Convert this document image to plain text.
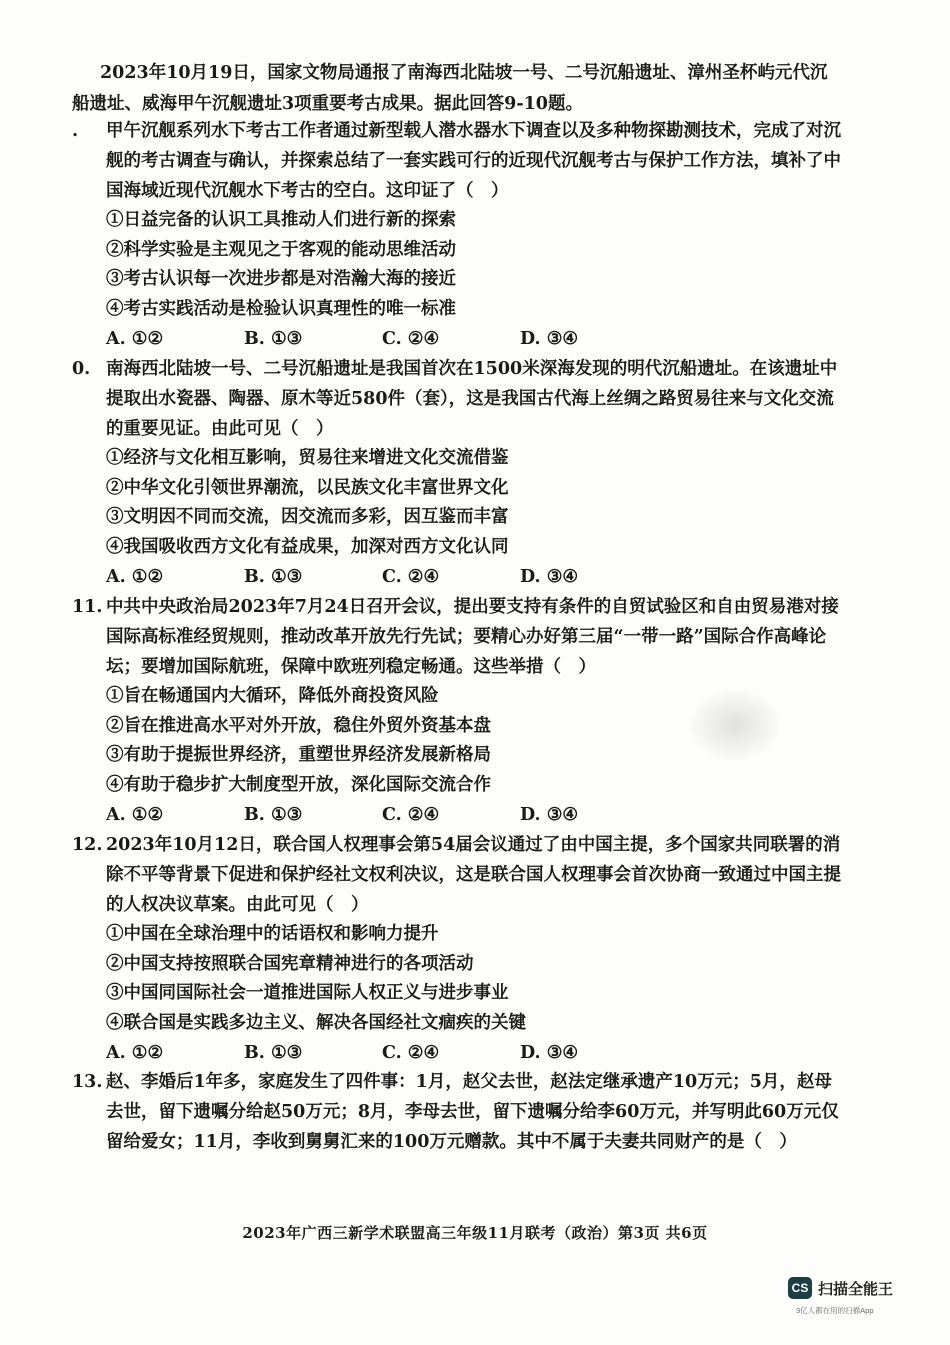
2023年10月19日，国家文物局通报了南海西北陆坡一号、二号沉船遗址、漳州圣杯屿元代沉船遗址、威海甲午沉舰遗址3项重要考古成果。据此回答9-10题。
.	甲午沉舰系列水下考古工作者通过新型载人潜水器水下调查以及多种物探勘测技术，完成了对沉舰的考古调查与确认，并探索总结了一套实践可行的近现代沉舰考古与保护工作方法，填补了中国海域近现代沉舰水下考古的空白。这印证了（　）
①日益完备的认识工具推动人们进行新的探索
②科学实验是主观见之于客观的能动思维活动
③考古认识每一次进步都是对浩瀚大海的接近
④考古实践活动是检验认识真理性的唯一标准
A. ①②	B. ①③	C. ②④	D. ③④
0. 南海西北陆坡一号、二号沉船遗址是我国首次在1500米深海发现的明代沉船遗址。在该遗址中提取出水瓷器、陶器、原木等近580件（套），这是我国古代海上丝绸之路贸易往来与文化交流的重要见证。由此可见（　）
①经济与文化相互影响，贸易往来增进文化交流借鉴
②中华文化引领世界潮流，以民族文化丰富世界文化
③文明因不同而交流，因交流而多彩，因互鉴而丰富
④我国吸收西方文化有益成果，加深对西方文化认同
A. ①②	B. ①③	C. ②④	D. ③④
11. 中共中央政治局2023年7月24日召开会议，提出要支持有条件的自贸试验区和自由贸易港对接国际高标准经贸规则，推动改革开放先行先试；要精心办好第三届“一带一路”国际合作高峰论坛；要增加国际航班，保障中欧班列稳定畅通。这些举措（　）
①旨在畅通国内大循环，降低外商投资风险
②旨在推进高水平对外开放，稳住外贸外资基本盘
③有助于提振世界经济，重塑世界经济发展新格局
④有助于稳步扩大制度型开放，深化国际交流合作
A. ①②	B. ①③	C. ②④	D. ③④
12. 2023年10月12日，联合国人权理事会第54届会议通过了由中国主提，多个国家共同联署的消除不平等背景下促进和保护经社文权利决议，这是联合国人权理事会首次协商一致通过中国主提的人权决议草案。由此可见（　）
①中国在全球治理中的话语权和影响力提升
②中国支持按照联合国宪章精神进行的各项活动
③中国同国际社会一道推进国际人权正义与进步事业
④联合国是实践多边主义、解决各国经社文痼疾的关键
A. ①②	B. ①③	C. ②④	D. ③④
13. 赵、李婚后1年多，家庭发生了四件事：1月，赵父去世，赵法定继承遗产10万元；5月，赵母去世，留下遗嘱分给赵50万元；8月，李母去世，留下遗嘱分给李60万元，并写明此60万元仅留给爱女；11月，李收到舅舅汇来的100万元赠款。其中不属于夫妻共同财产的是（　）
2023年广西三新学术联盟高三年级11月联考（政治）第3页 共6页
CS 扫描全能王
3亿人都在用的扫描App
